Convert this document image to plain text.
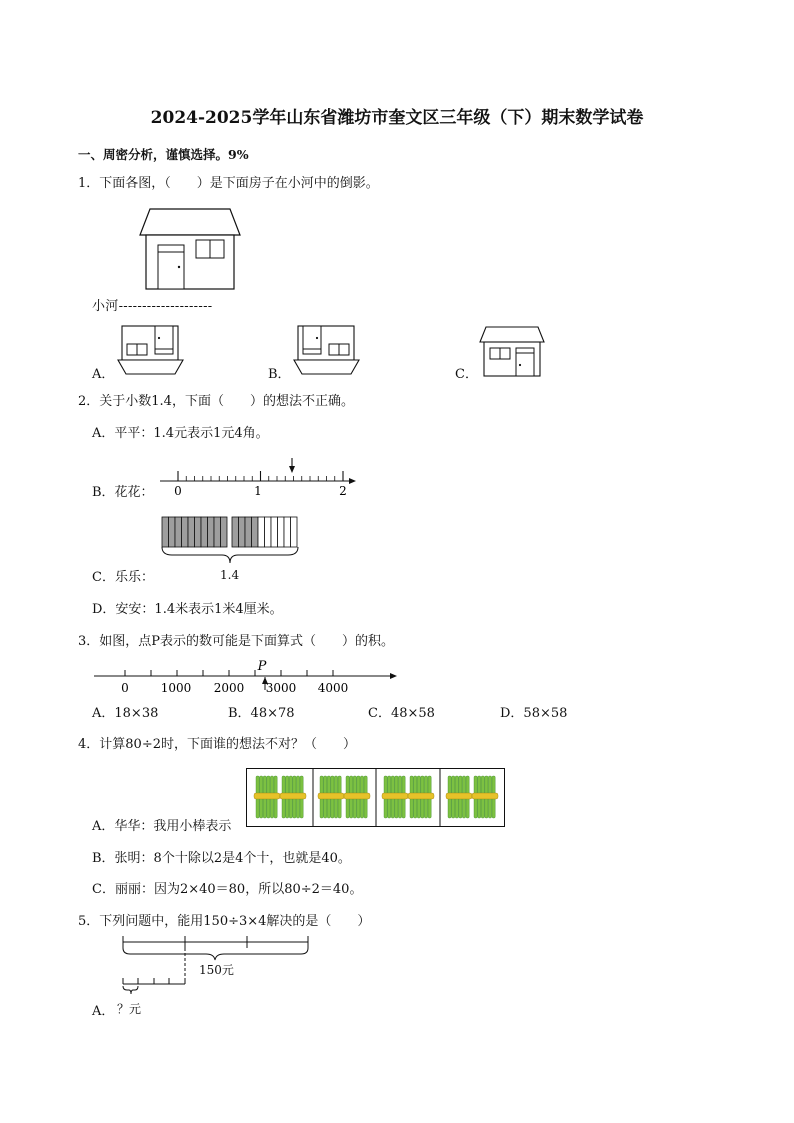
2024-2025学年山东省潍坊市奎文区三年级（下）期末数学试卷
一、周密分析，谨慎选择。9%
1．下面各图，（　　）是下面房子在小河中的倒影。
小河--------------------
A．	B．	C．
2．关于小数1.4，下面（　　）的想法不正确。
A．平平：1.4元表示1元4角。
B．花花： 0	1	2
C．乐乐：	1.4
D．安安：1.4米表示1米4厘米。
3．如图，点P表示的数可能是下面算式（　　）的积。
P
0	1000 2000 3000 4000
A．18×38	B．48×78	C．48×58	D．58×58
4．计算80÷2时，下面谁的想法不对？（　　）
A．华华：我用小棒表示
B．张明：8个十除以2是4个十，也就是40。
C．丽丽：因为2×40＝80，所以80÷2＝40。
5．下列问题中，能用150÷3×4解决的是（　　）
150元
？元
A．
